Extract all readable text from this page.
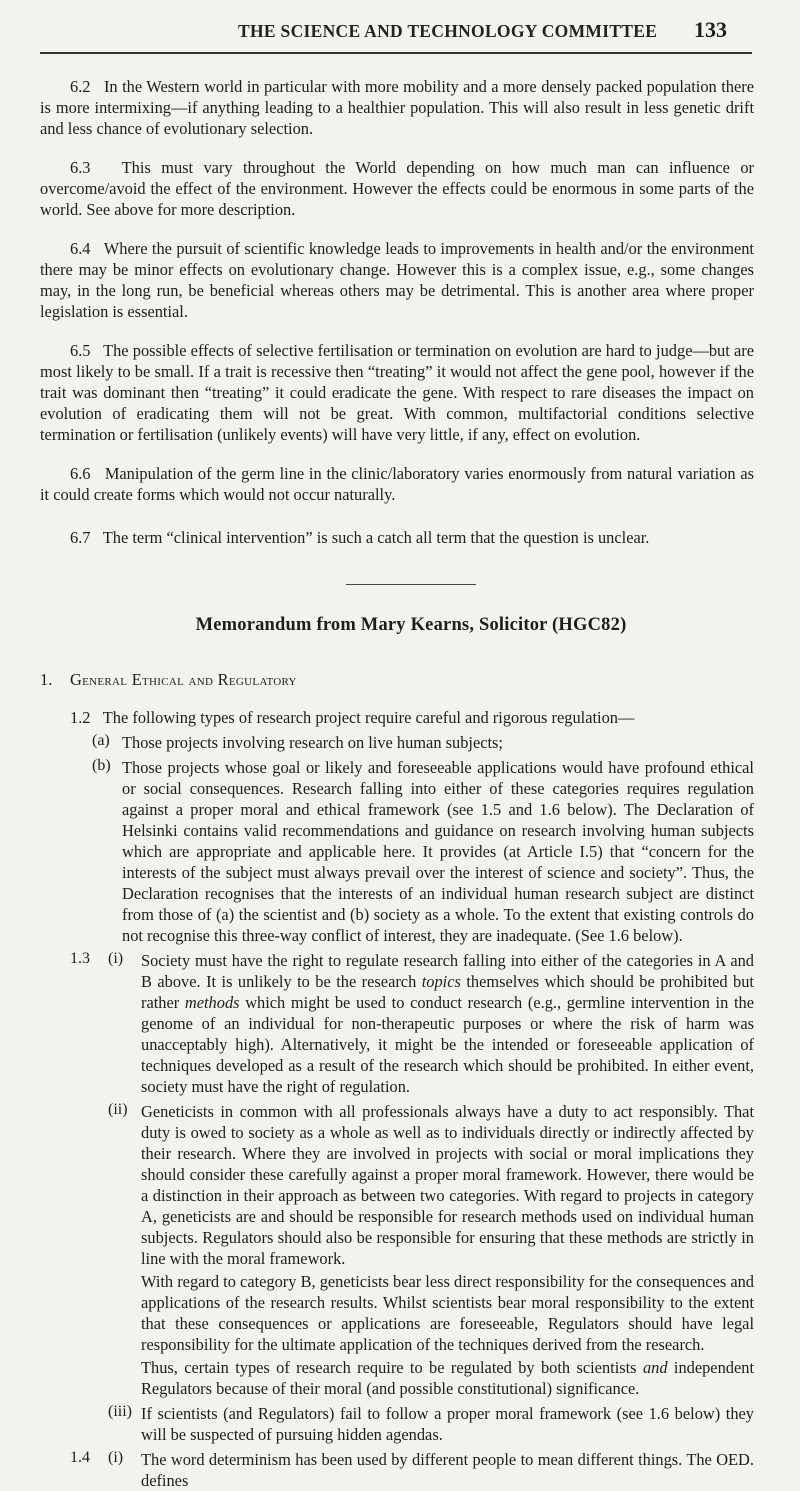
THE SCIENCE AND TECHNOLOGY COMMITTEE 133

6.2 In the Western world in particular with more mobility and a more densely packed population there is more intermixing—if anything leading to a healthier population. This will also result in less genetic drift and less chance of evolutionary selection.

6.3 This must vary throughout the World depending on how much man can influence or overcome/avoid the effect of the environment. However the effects could be enormous in some parts of the world. See above for more description.

6.4 Where the pursuit of scientific knowledge leads to improvements in health and/or the environment there may be minor effects on evolutionary change. However this is a complex issue, e.g., some changes may, in the long run, be beneficial whereas others may be detrimental. This is another area where proper legislation is essential.

6.5 The possible effects of selective fertilisation or termination on evolution are hard to judge—but are most likely to be small. If a trait is recessive then “treating” it would not affect the gene pool, however if the trait was dominant then “treating” it could eradicate the gene. With respect to rare diseases the impact on evolution of eradicating them will not be great. With common, multifactorial conditions selective termination or fertilisation (unlikely events) will have very little, if any, effect on evolution.

6.6 Manipulation of the germ line in the clinic/laboratory varies enormously from natural variation as it could create forms which would not occur naturally.

6.7 The term “clinical intervention” is such a catch all term that the question is unclear.

Memorandum from Mary Kearns, Solicitor (HGC82)

1. General Ethical and Regulatory

1.2 The following types of research project require careful and rigorous regulation—

(a) Those projects involving research on live human subjects;

(b) Those projects whose goal or likely and foreseeable applications would have profound ethical or social consequences. Research falling into either of these categories requires regulation against a proper moral and ethical framework (see 1.5 and 1.6 below). The Declaration of Helsinki contains valid recommendations and guidance on research involving human subjects which are appropriate and applicable here. It provides (at Article I.5) that “concern for the interests of the subject must always prevail over the interest of science and society”. Thus, the Declaration recognises that the interests of an individual human research subject are distinct from those of (a) the scientist and (b) society as a whole. To the extent that existing controls do not recognise this three-way conflict of interest, they are inadequate. (See 1.6 below).

1.3	(i)	Society must have the right to regulate research falling into either of the categories in A and B above. It is unlikely to be the research topics themselves which should be prohibited but rather methods which might be used to conduct research (e.g., germline intervention in the genome of an individual for non-therapeutic purposes or where the risk of harm was unacceptably high). Alternatively, it might be the intended or foreseeable application of techniques developed as a result of the research which should be prohibited. In either event, society must have the right of regulation.

(ii) Geneticists in common with all professionals always have a duty to act responsibly. That duty is owed to society as a whole as well as to individuals directly or indirectly affected by their research. Where they are involved in projects with social or moral implications they should consider these carefully against a proper moral framework. However, there would be a distinction in their approach as between two categories. With regard to projects in category A, geneticists are and should be responsible for research methods used on individual human subjects. Regulators should also be responsible for ensuring that these methods are strictly in line with the moral framework.

With regard to category B, geneticists bear less direct responsibility for the consequences and applications of the research results. Whilst scientists bear moral responsibility to the extent that these consequences or applications are foreseeable, Regulators should have legal responsibility for the ultimate application of the techniques derived from the research.

Thus, certain types of research require to be regulated by both scientists and independent Regulators because of their moral (and possible constitutional) significance.

(iii) If scientists (and Regulators) fail to follow a proper moral framework (see 1.6 below) they will be suspected of pursuing hidden agendas.

1.4	(i)	The word determinism has been used by different people to mean different things. The OED. defines
